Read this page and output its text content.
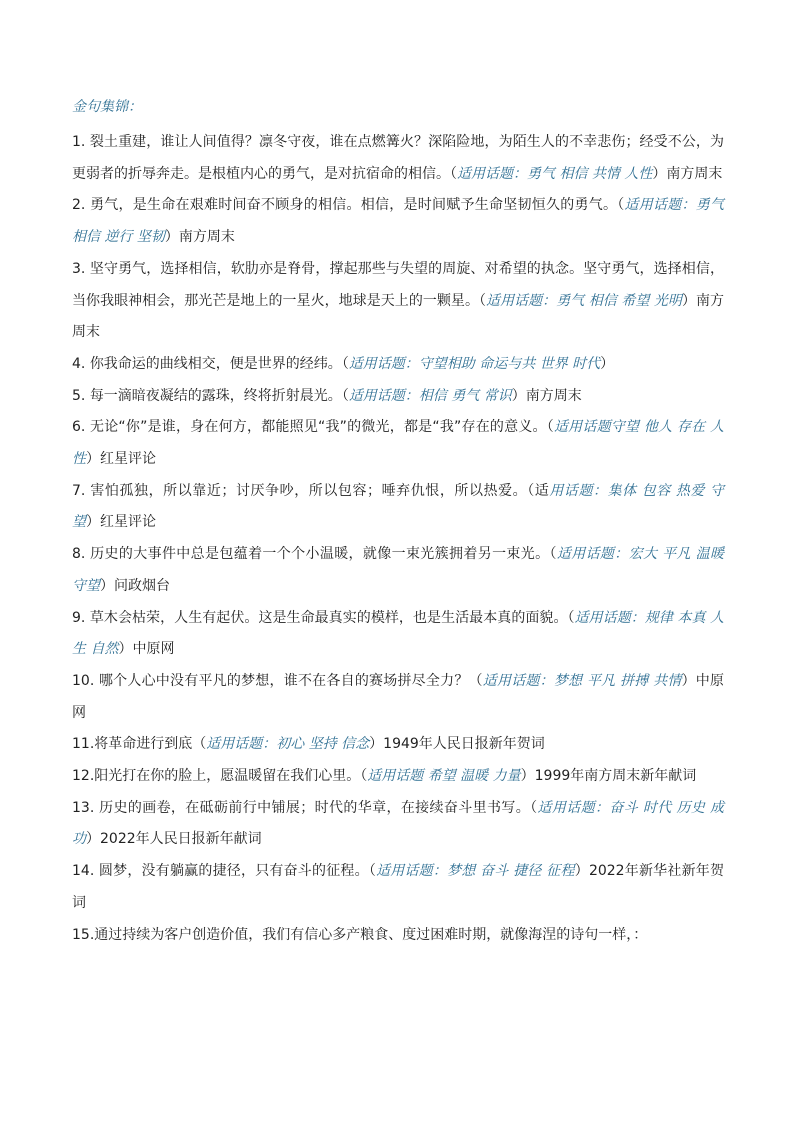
金句集锦：

1. 裂土重建，谁让人间值得？凛冬守夜，谁在点燃篝火？深陷险地，为陌生人的不幸悲伤；经受不公，为更弱者的折辱奔走。是根植内心的勇气，是对抗宿命的相信。（适用话题：勇气 相信 共情 人性）南方周末

2. 勇气，是生命在艰难时间奋不顾身的相信。相信，是时间赋予生命坚韧恒久的勇气。（适用话题：勇气 相信 逆行 坚韧）南方周末

3. 坚守勇气，选择相信，软肋亦是脊骨，撑起那些与失望的周旋、对希望的执念。坚守勇气，选择相信，当你我眼神相会，那光芒是地上的一星火，地球是天上的一颗星。（适用话题：勇气 相信 希望 光明）南方周末

4. 你我命运的曲线相交，便是世界的经纬。（适用话题：守望相助 命运与共 世界 时代）

5. 每一滴暗夜凝结的露珠，终将折射晨光。（适用话题：相信 勇气 常识）南方周末

6. 无论“你”是谁，身在何方，都能照见“我”的微光，都是“我”存在的意义。（适用话题守望 他人 存在 人性）红星评论

7. 害怕孤独，所以靠近；讨厌争吵，所以包容；唾弃仇恨，所以热爱。（适用话题：集体 包容 热爱 守望）红星评论

8. 历史的大事件中总是包蕴着一个个小温暖，就像一束光簇拥着另一束光。（适用话题：宏大 平凡 温暖 守望）问政烟台

9. 草木会枯荣，人生有起伏。这是生命最真实的模样，也是生活最本真的面貌。（适用话题：规律 本真 人生 自然）中原网

10. 哪个人心中没有平凡的梦想，谁不在各自的赛场拼尽全力？（适用话题：梦想 平凡 拼搏 共情）中原网

11.将革命进行到底（适用话题：初心 坚持 信念）1949年人民日报新年贺词

12.阳光打在你的脸上，愿温暖留在我们心里。（适用话题 希望 温暖 力量）1999年南方周末新年献词

13. 历史的画卷，在砥砺前行中铺展；时代的华章，在接续奋斗里书写。（适用话题：奋斗 时代 历史 成功）2022年人民日报新年献词

14. 圆梦，没有躺赢的捷径，只有奋斗的征程。（适用话题：梦想 奋斗 捷径 征程）2022年新华社新年贺词

15.通过持续为客户创造价值，我们有信心多产粮食、度过困难时期，就像海涅的诗句一样，：
